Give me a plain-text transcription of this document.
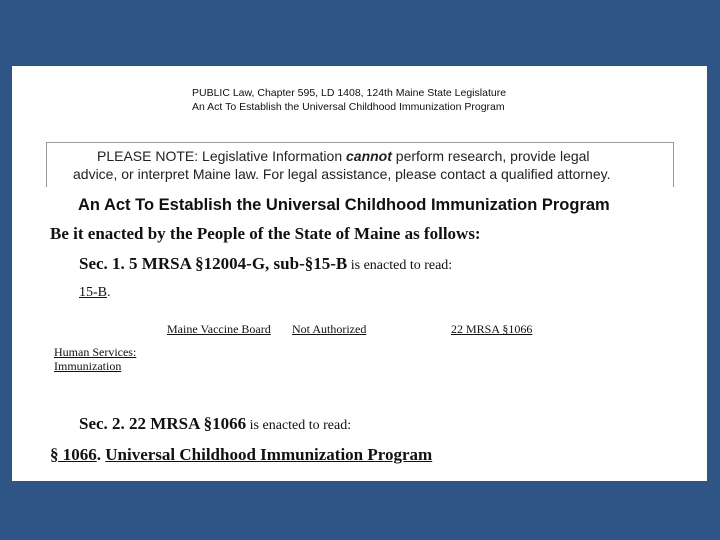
PUBLIC Law, Chapter 595, LD 1408, 124th Maine State Legislature
An Act To Establish the Universal Childhood Immunization Program
PLEASE NOTE: Legislative Information cannot perform research, provide legal
advice, or interpret Maine law. For legal assistance, please contact a qualified attorney.
An Act To Establish the Universal Childhood Immunization Program
Be it enacted by the People of the State of Maine as follows:
Sec. 1. 5 MRSA §12004-G, sub-§15-B is enacted to read:
15-B.
Maine Vaccine Board Not Authorized	22 MRSA §1066
Human Services:
Immunization
Sec. 2. 22 MRSA §1066 is enacted to read:
§ 1066. Universal Childhood Immunization Program
